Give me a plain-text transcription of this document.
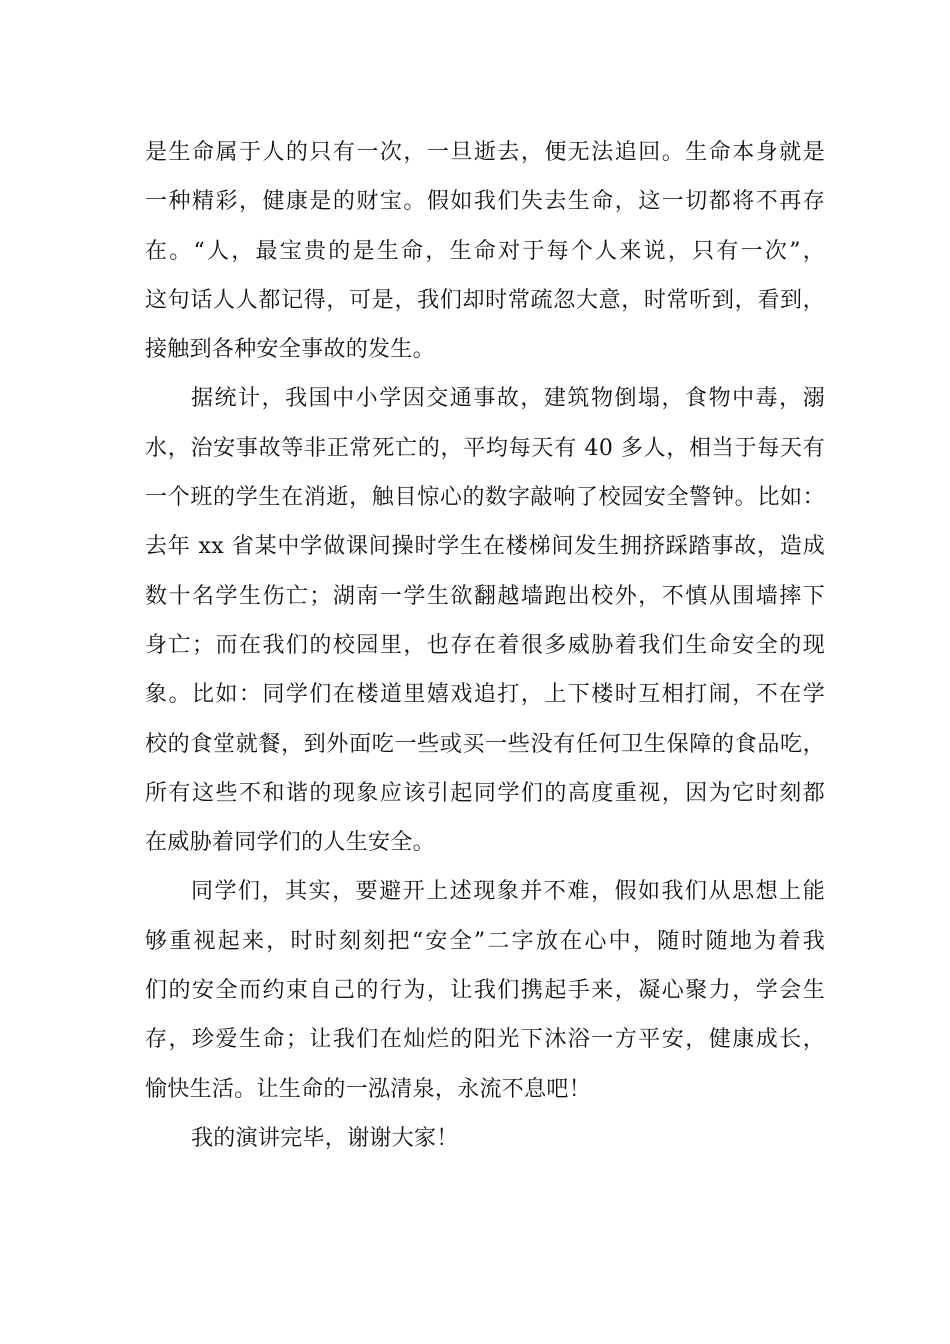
是生命属于人的只有一次，一旦逝去，便无法追回。生命本身就是
一种精彩，健康是的财宝。假如我们失去生命，这一切都将不再存
在。“人，最宝贵的是生命，生命对于每个人来说，只有一次”，
这句话人人都记得，可是，我们却时常疏忽大意，时常听到，看到，
接触到各种安全事故的发生。
据统计，我国中小学因交通事故，建筑物倒塌，食物中毒，溺
水，治安事故等非正常死亡的，平均每天有 40 多人，相当于每天有
一个班的学生在消逝，触目惊心的数字敲响了校园安全警钟。比如：
去年 xx 省某中学做课间操时学生在楼梯间发生拥挤踩踏事故，造成
数十名学生伤亡；湖南一学生欲翻越墙跑出校外，不慎从围墙摔下
身亡；而在我们的校园里，也存在着很多威胁着我们生命安全的现
象。比如：同学们在楼道里嬉戏追打，上下楼时互相打闹，不在学
校的食堂就餐，到外面吃一些或买一些没有任何卫生保障的食品吃，
所有这些不和谐的现象应该引起同学们的高度重视，因为它时刻都
在威胁着同学们的人生安全。
同学们，其实，要避开上述现象并不难，假如我们从思想上能
够重视起来，时时刻刻把“安全”二字放在心中，随时随地为着我
们的安全而约束自己的行为，让我们携起手来，凝心聚力，学会生
存，珍爱生命；让我们在灿烂的阳光下沐浴一方平安，健康成长，
愉快生活。让生命的一泓清泉，永流不息吧！
我的演讲完毕，谢谢大家！
